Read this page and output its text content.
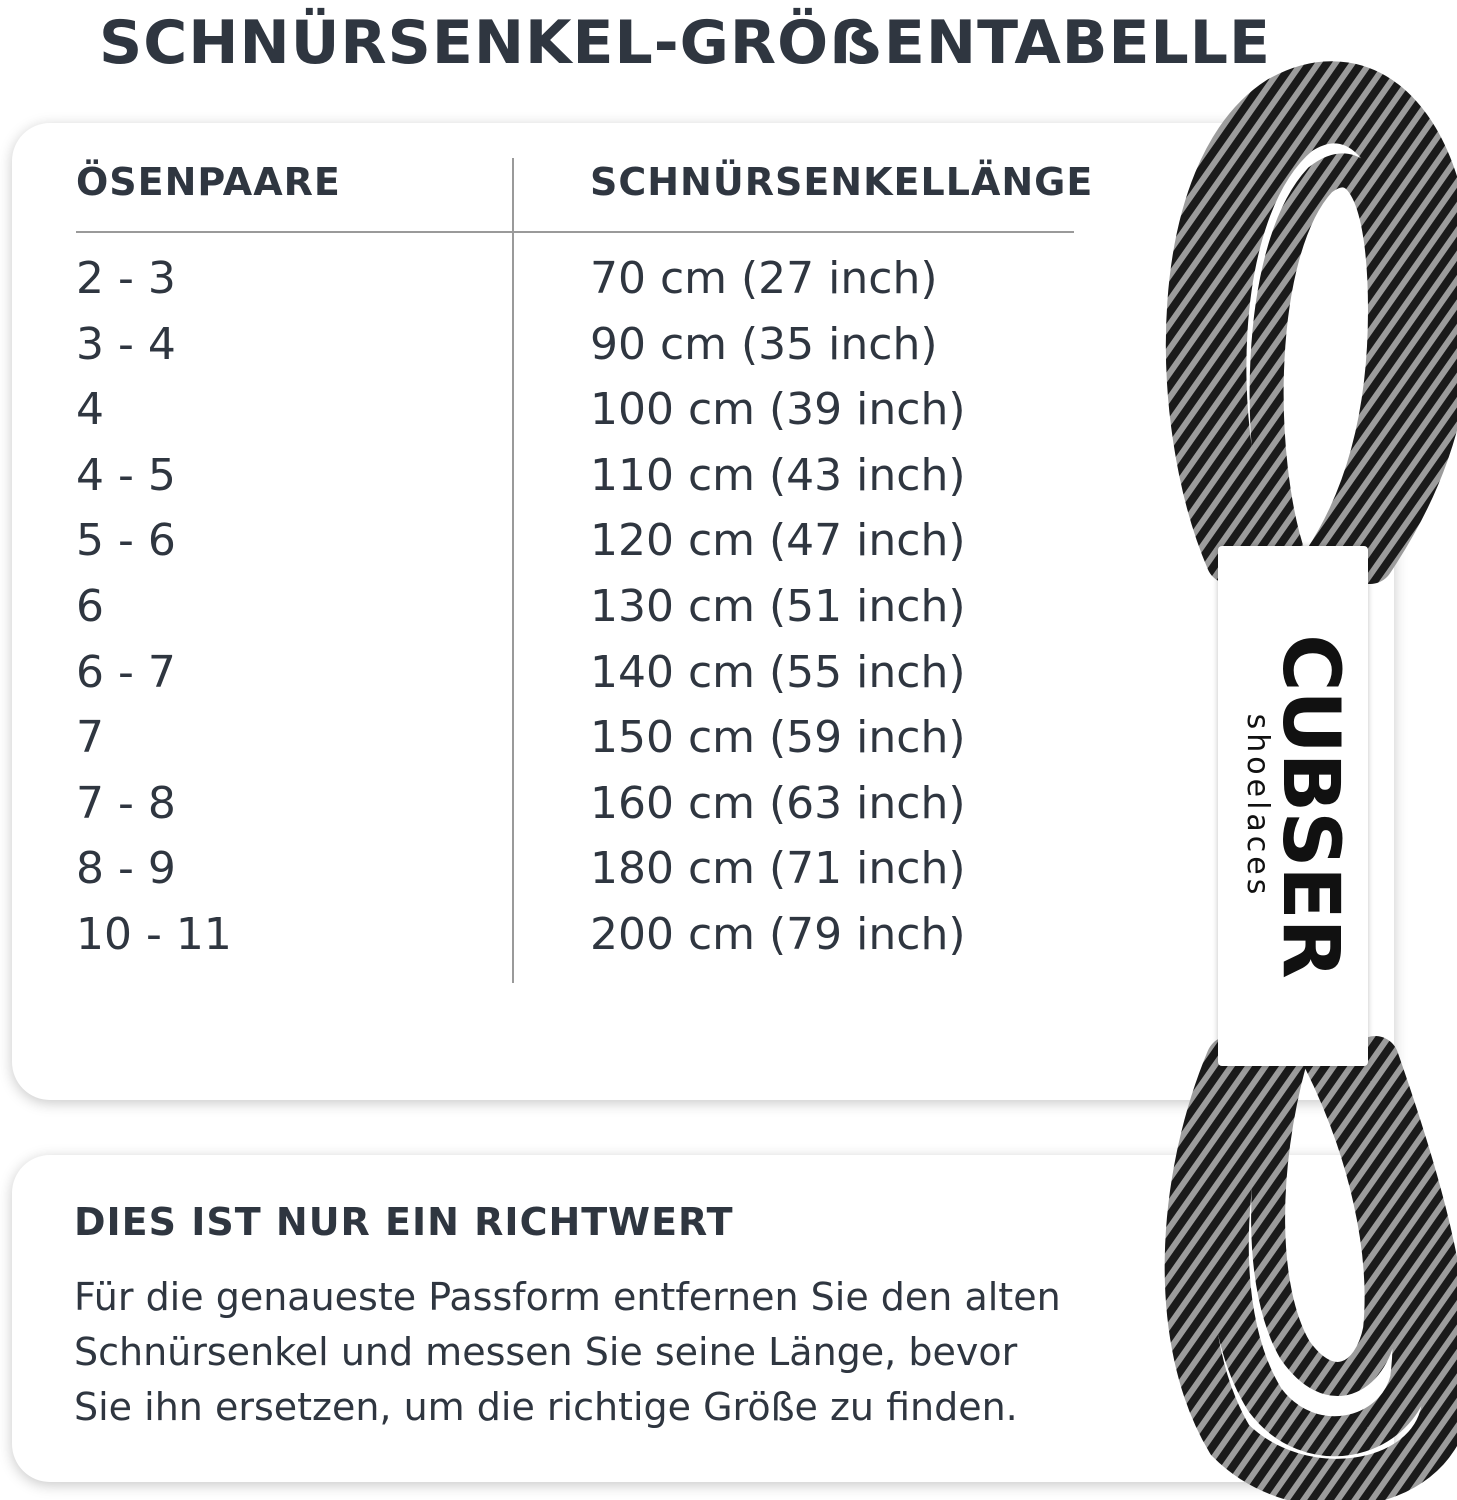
SCHNÜRSENKEL-GRÖẞENTABELLE
ÖSENPAARE	SCHNÜRSENKELLÄNGE
2 - 3	70 cm (27 inch)
3 - 4	90 cm (35 inch)
4	100 cm (39 inch)
4 - 5	110 cm (43 inch)
5 - 6	120 cm (47 inch)
6	130 cm (51 inch)
6 - 7	140 cm (55 inch)
7	150 cm (59 inch)
7 - 8	160 cm (63 inch)
8 - 9	180 cm (71 inch)
10 - 11	200 cm (79 inch)
DIES IST NUR EIN RICHTWERT
Für die genaueste Passform entfernen Sie den alten
Schnürsenkel und messen Sie seine Länge, bevor
Sie ihn ersetzen, um die richtige Größe zu finden.
CUBSER
shoelaces
